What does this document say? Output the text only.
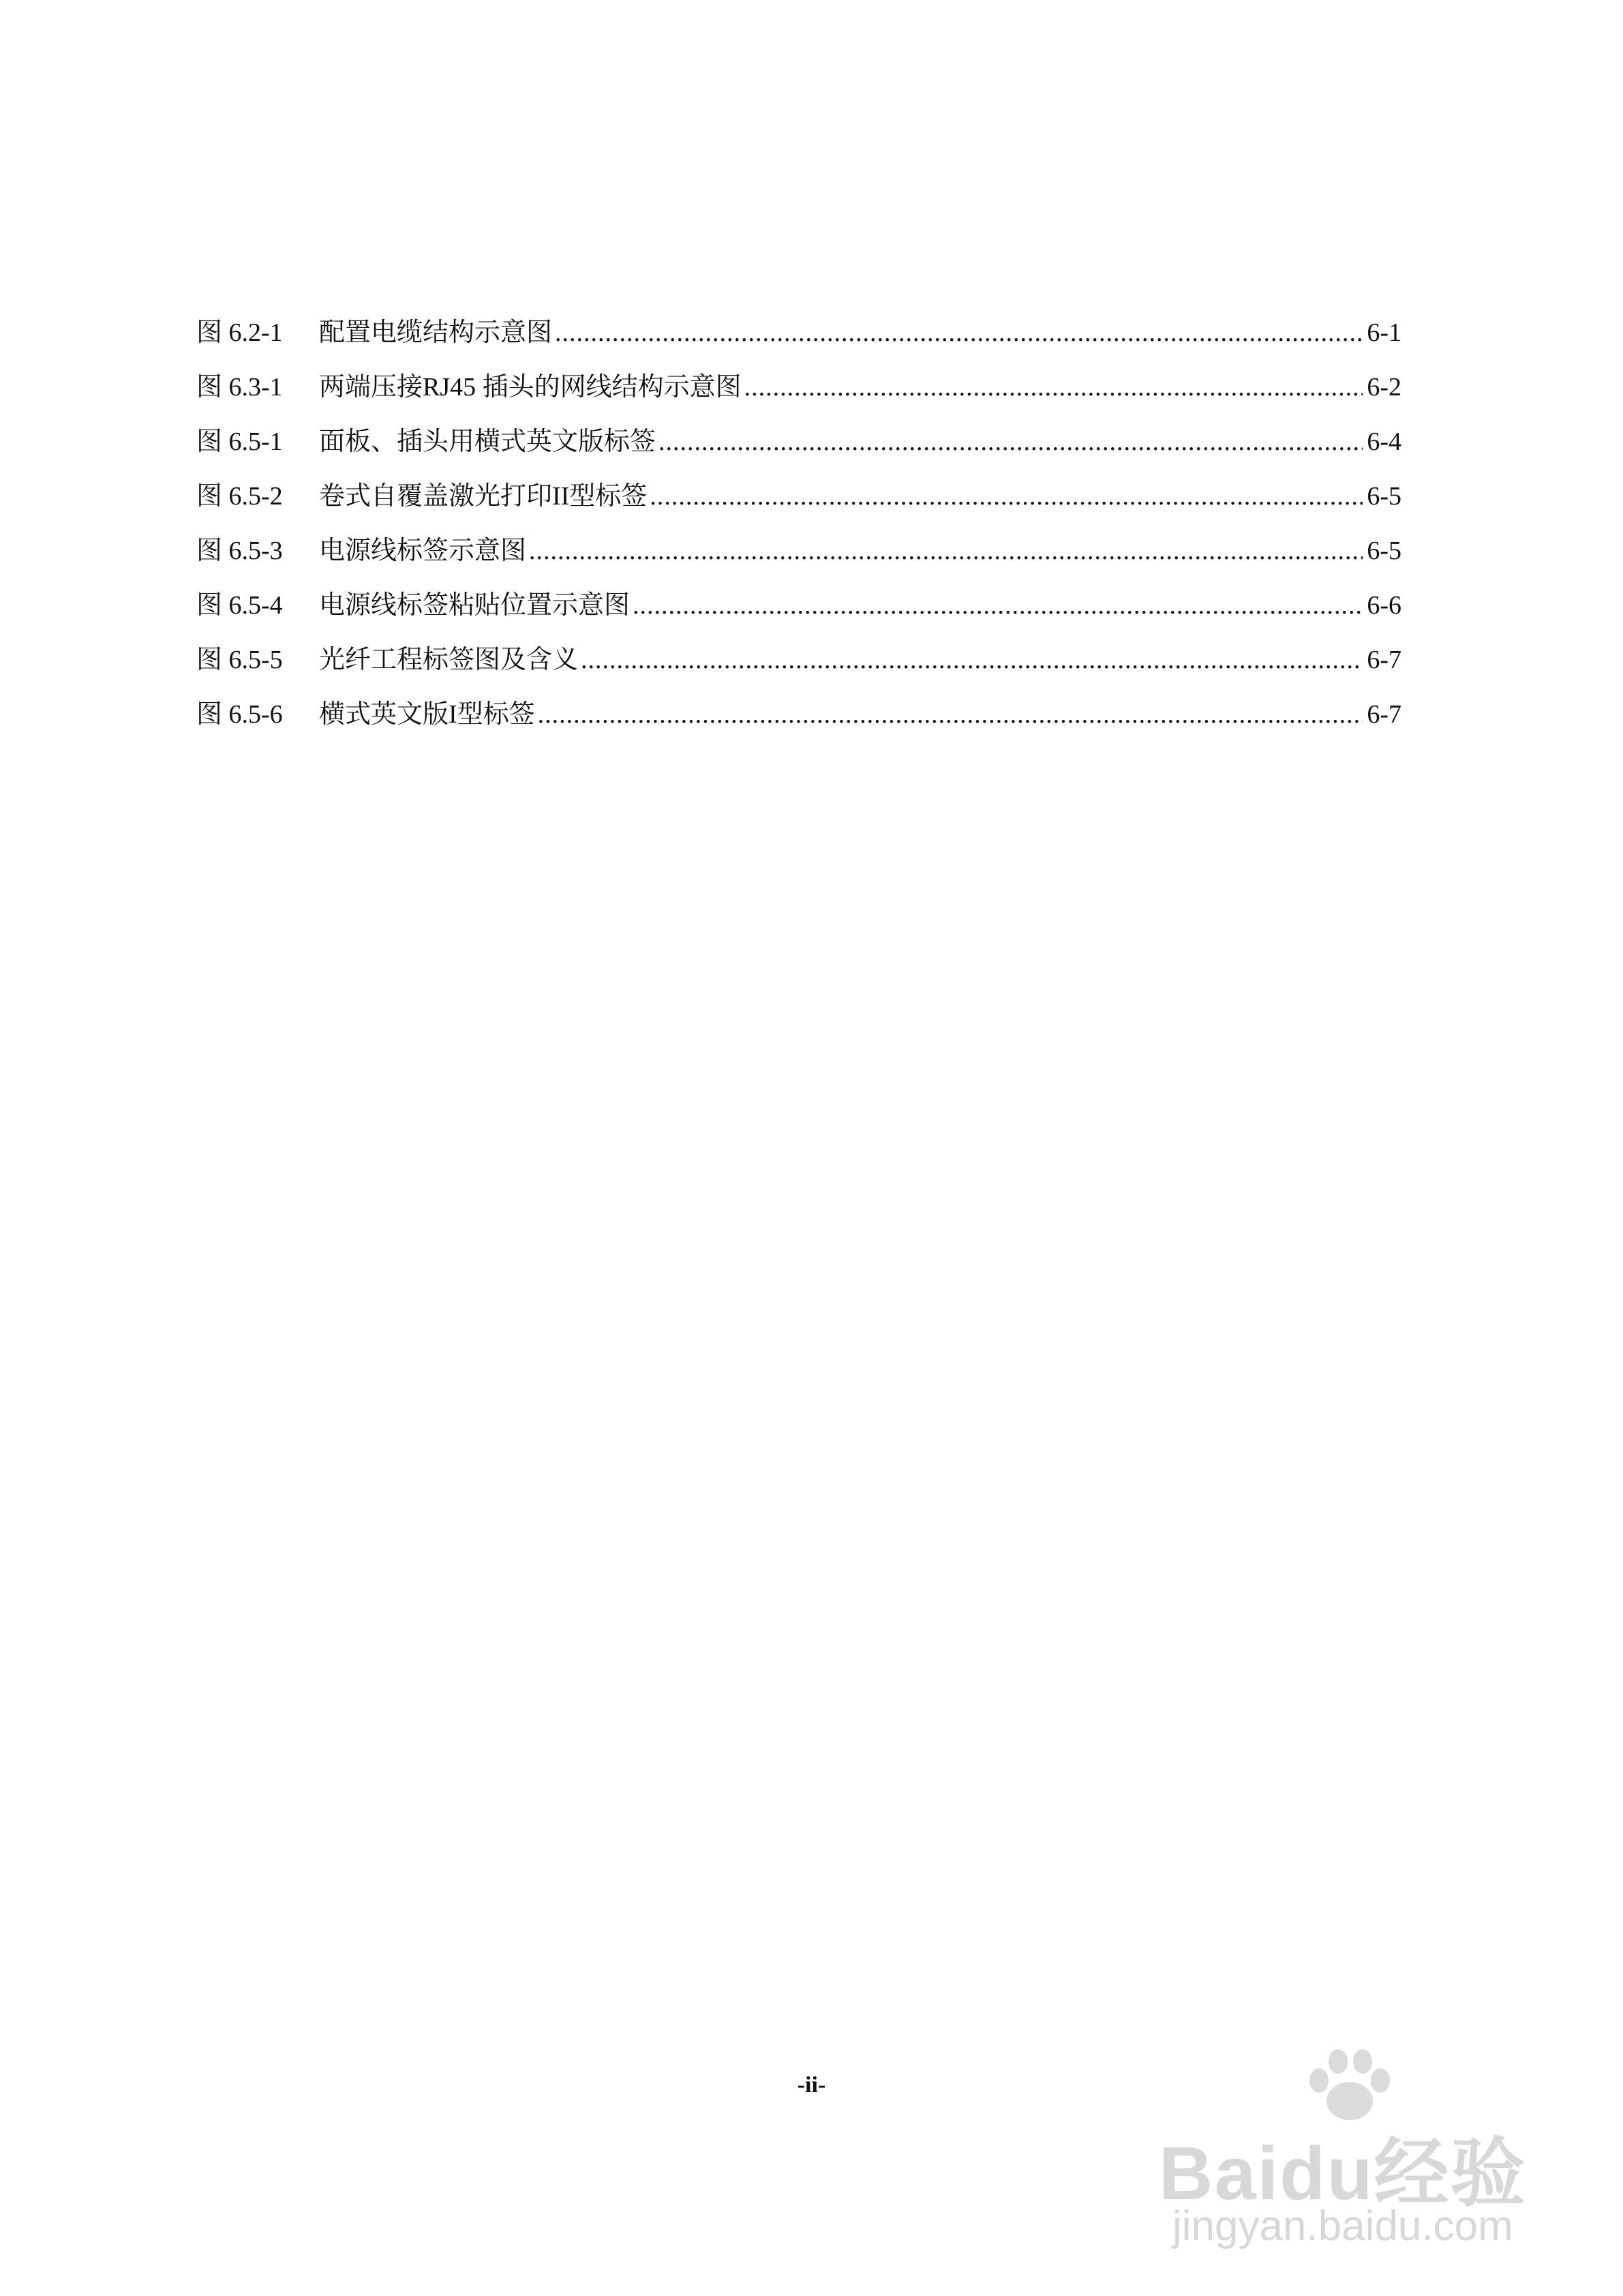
图 6.2-1	配置电缆结构示意图 .....	6-1
图 6.3-1	两端压接RJ45 插头的网线结构示意图 .....	6-2
图 6.5-1	面板、插头用横式英文版标签 .....	6-4
图 6.5-2	卷式自覆盖激光打印II型标签 .....	6-5
图 6.5-3	电源线标签示意图 .....	6-5
图 6.5-4	电源线标签粘贴位置示意图 .....	6-6
图 6.5-5	光纤工程标签图及含义 .....	6-7
图 6.5-6	横式英文版I型标签 .....	6-7
-ii-
Baidu经验
jingyan.baidu.com
